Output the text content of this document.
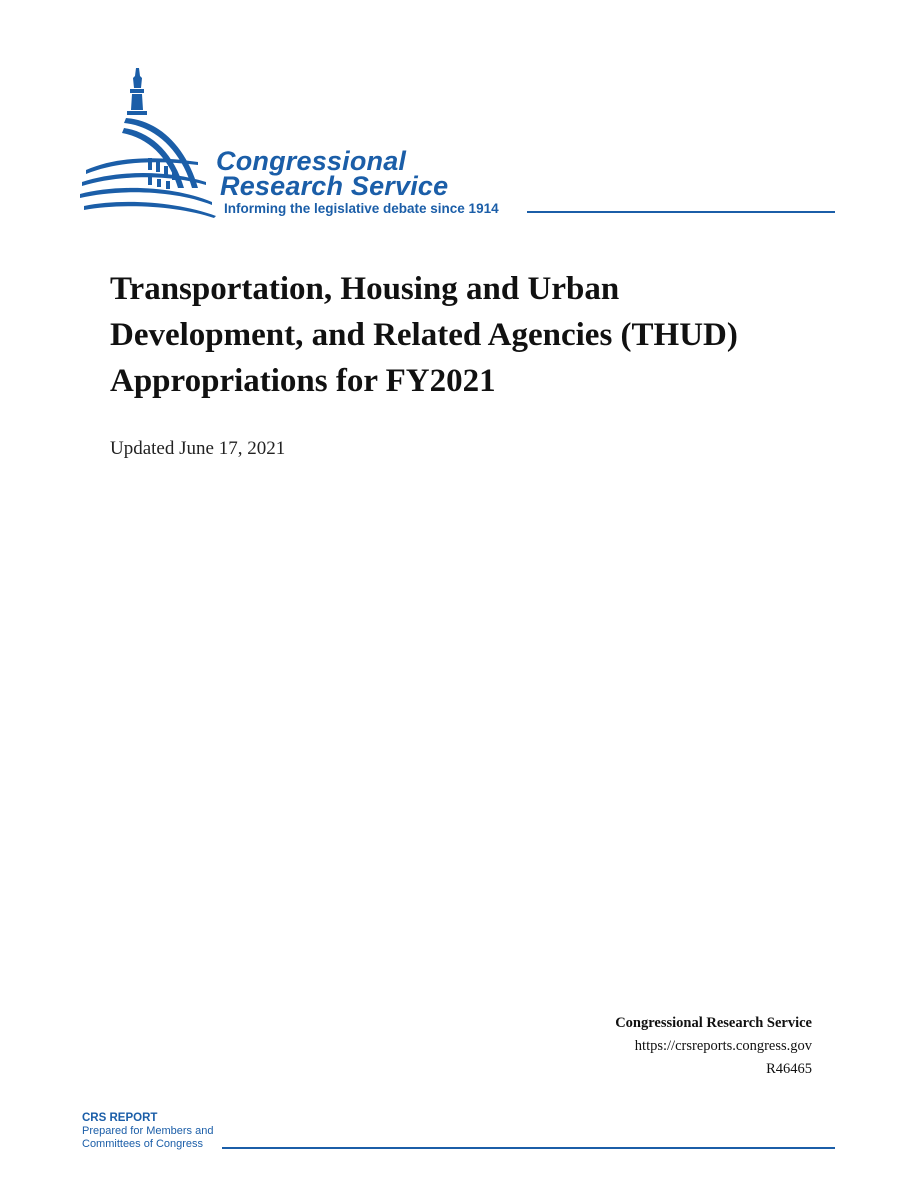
Congressional
Research Service
Informing the legislative debate since 1914
Transportation, Housing and Urban
Development, and Related Agencies (THUD)
Appropriations for FY2021
Updated June 17, 2021
Congressional Research Service
https://crsreports.congress.gov
R46465
CRS REPORT
Prepared for Members and
Committees of Congress
